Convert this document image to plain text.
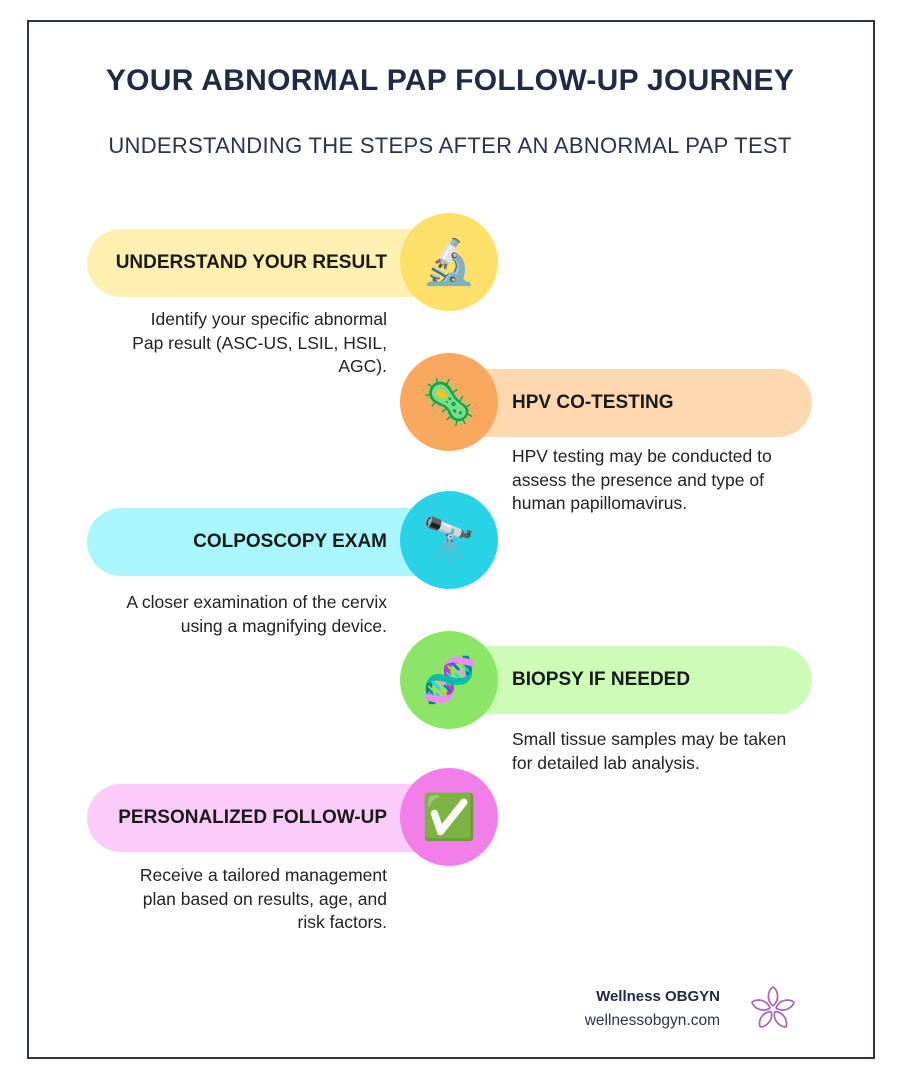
YOUR ABNORMAL PAP FOLLOW-UP JOURNEY
UNDERSTANDING THE STEPS AFTER AN ABNORMAL PAP TEST
UNDERSTAND YOUR RESULT 🔬
Identify your specific abnormal Pap result (ASC-US, LSIL, HSIL, AGC).
HPV CO-TESTING
🦠
HPV testing may be conducted to assess the presence and type of human papillomavirus.
COLPOSCOPY EXAM 🔭
A closer examination of the cervix using a magnifying device.
BIOPSY IF NEEDED
🧬
Small tissue samples may be taken for detailed lab analysis.
PERSONALIZED FOLLOW-UP ✅
Receive a tailored management plan based on results, age, and risk factors.
Wellness OBGYN
wellnessobgyn.com
